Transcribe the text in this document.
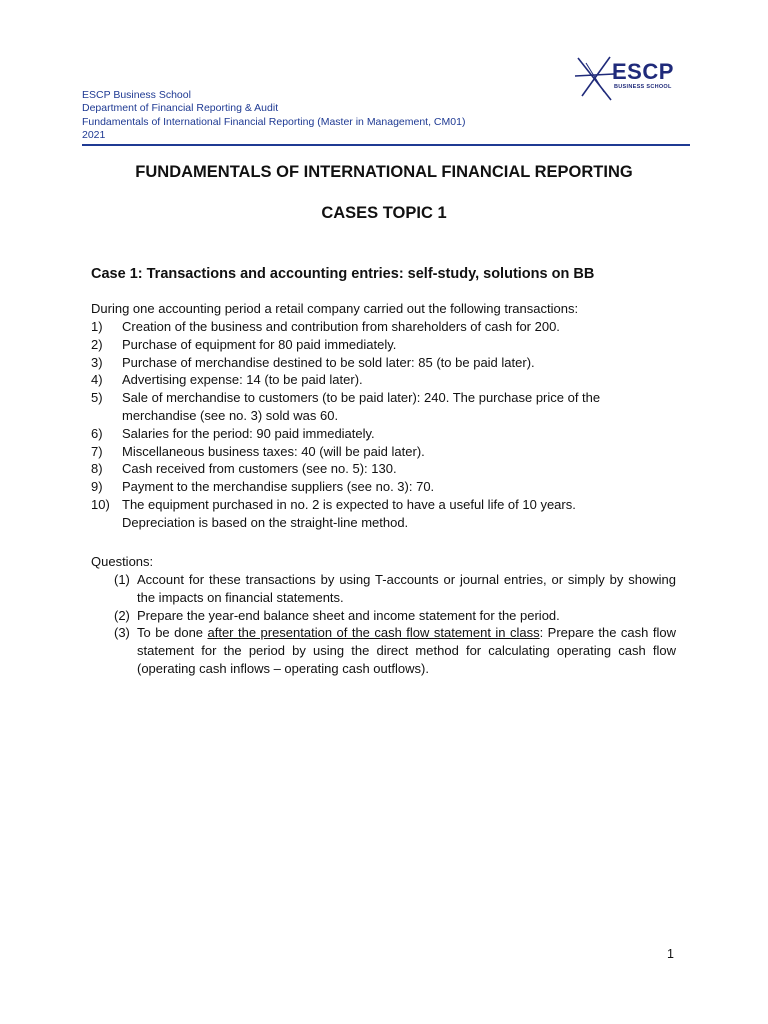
ESCP Business School
Department of Financial Reporting & Audit
Fundamentals of International Financial Reporting (Master in Management, CM01)
2021
ESCP
BUSINESS SCHOOL
FUNDAMENTALS OF INTERNATIONAL FINANCIAL REPORTING
CASES TOPIC 1
Case 1: Transactions and accounting entries: self-study, solutions on BB
During one accounting period a retail company carried out the following transactions:
1)	Creation of the business and contribution from shareholders of cash for 200.
2)	Purchase of equipment for 80 paid immediately.
3)	Purchase of merchandise destined to be sold later: 85 (to be paid later).
4)	Advertising expense: 14 (to be paid later).
5)	Sale of merchandise to customers (to be paid later): 240. The purchase price of the merchandise (see no. 3) sold was 60.
6)	Salaries for the period: 90 paid immediately.
7)	Miscellaneous business taxes: 40 (will be paid later).
8)	Cash received from customers (see no. 5): 130.
9)	Payment to the merchandise suppliers (see no. 3): 70.
10) The equipment purchased in no. 2 is expected to have a useful life of 10 years. Depreciation is based on the straight-line method.
Questions:
(1) Account for these transactions by using T-accounts or journal entries, or simply by showing the impacts on financial statements.
(2) Prepare the year-end balance sheet and income statement for the period.
(3) To be done after the presentation of the cash flow statement in class: Prepare the cash flow statement for the period by using the direct method for calculating operating cash flow (operating cash inflows – operating cash outflows).
1
